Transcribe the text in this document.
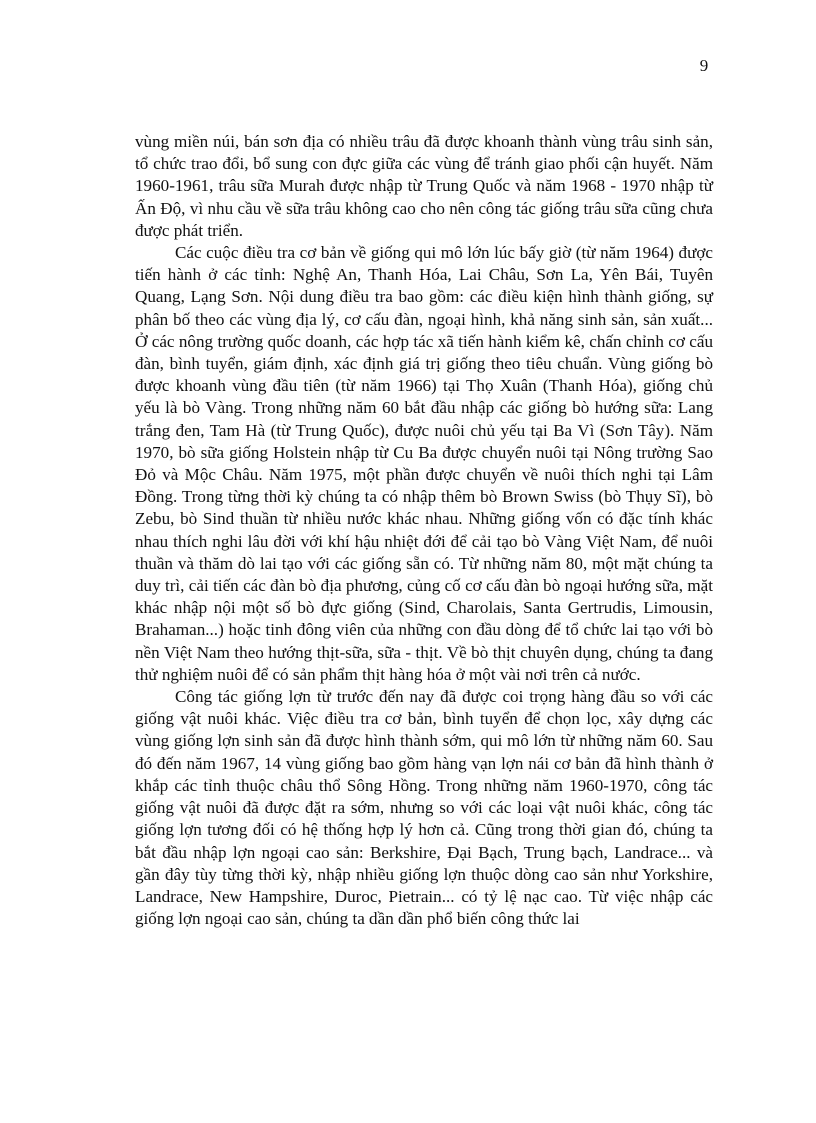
9

vùng miền núi, bán sơn địa có nhiều trâu đã được khoanh thành vùng trâu sinh sản, tổ chức trao đổi, bổ sung con đực giữa các vùng để tránh giao phối cận huyết. Năm 1960-1961, trâu sữa Murah được nhập từ Trung Quốc và năm 1968 - 1970 nhập từ Ấn Độ, vì nhu cầu về sữa trâu không cao cho nên công tác giống trâu sữa cũng chưa được phát triển.

Các cuộc điều tra cơ bản về giống qui mô lớn lúc bấy giờ (từ năm 1964) được tiến hành ở các tỉnh: Nghệ An, Thanh Hóa, Lai Châu, Sơn La, Yên Bái, Tuyên Quang, Lạng Sơn. Nội dung điều tra bao gồm: các điều kiện hình thành giống, sự phân bố theo các vùng địa lý, cơ cấu đàn, ngoại hình, khả năng sinh sản, sản xuất... Ở các nông trường quốc doanh, các hợp tác xã tiến hành kiểm kê, chấn chỉnh cơ cấu đàn, bình tuyển, giám định, xác định giá trị giống theo tiêu chuẩn. Vùng giống bò được khoanh vùng đầu tiên (từ năm 1966) tại Thọ Xuân (Thanh Hóa), giống chủ yếu là bò Vàng. Trong những năm 60 bắt đầu nhập các giống bò hướng sữa: Lang trắng đen, Tam Hà (từ Trung Quốc), được nuôi chủ yếu tại Ba Vì (Sơn Tây). Năm 1970, bò sữa giống Holstein nhập từ Cu Ba được chuyển nuôi tại Nông trường Sao Đỏ và Mộc Châu. Năm 1975, một phần được chuyển về nuôi thích nghi tại Lâm Đồng. Trong từng thời kỳ chúng ta có nhập thêm bò Brown Swiss (bò Thụy Sĩ), bò Zebu, bò Sind thuần từ nhiều nước khác nhau. Những giống vốn có đặc tính khác nhau thích nghi lâu đời với khí hậu nhiệt đới để cải tạo bò Vàng Việt Nam, để nuôi thuần và thăm dò lai tạo với các giống sẵn có. Từ những năm 80, một mặt chúng ta duy trì, cải tiến các đàn bò địa phương, củng cố cơ cấu đàn bò ngoại hướng sữa, mặt khác nhập nội một số bò đực giống (Sind, Charolais, Santa Gertrudis, Limousin, Brahaman...) hoặc tinh đông viên của những con đầu dòng để tổ chức lai tạo với bò nền Việt Nam theo hướng thịt-sữa, sữa - thịt. Về bò thịt chuyên dụng, chúng ta đang thử nghiệm nuôi để có sản phẩm thịt hàng hóa ở một vài nơi trên cả nước.

Công tác giống lợn từ trước đến nay đã được coi trọng hàng đầu so với các giống vật nuôi khác. Việc điều tra cơ bản, bình tuyển để chọn lọc, xây dựng các vùng giống lợn sinh sản đã được hình thành sớm, qui mô lớn từ những năm 60. Sau đó đến năm 1967, 14 vùng giống bao gồm hàng vạn lợn nái cơ bản đã hình thành ở khắp các tỉnh thuộc châu thổ Sông Hồng. Trong những năm 1960-1970, công tác giống vật nuôi đã được đặt ra sớm, nhưng so với các loại vật nuôi khác, công tác giống lợn tương đối có hệ thống hợp lý hơn cả. Cũng trong thời gian đó, chúng ta bắt đầu nhập lợn ngoại cao sản: Berkshire, Đại Bạch, Trung bạch, Landrace... và gần đây tùy từng thời kỳ, nhập nhiều giống lợn thuộc dòng cao sản như Yorkshire, Landrace, New Hampshire, Duroc, Pietrain... có tỷ lệ nạc cao. Từ việc nhập các giống lợn ngoại cao sản, chúng ta dần dần phổ biến công thức lai
